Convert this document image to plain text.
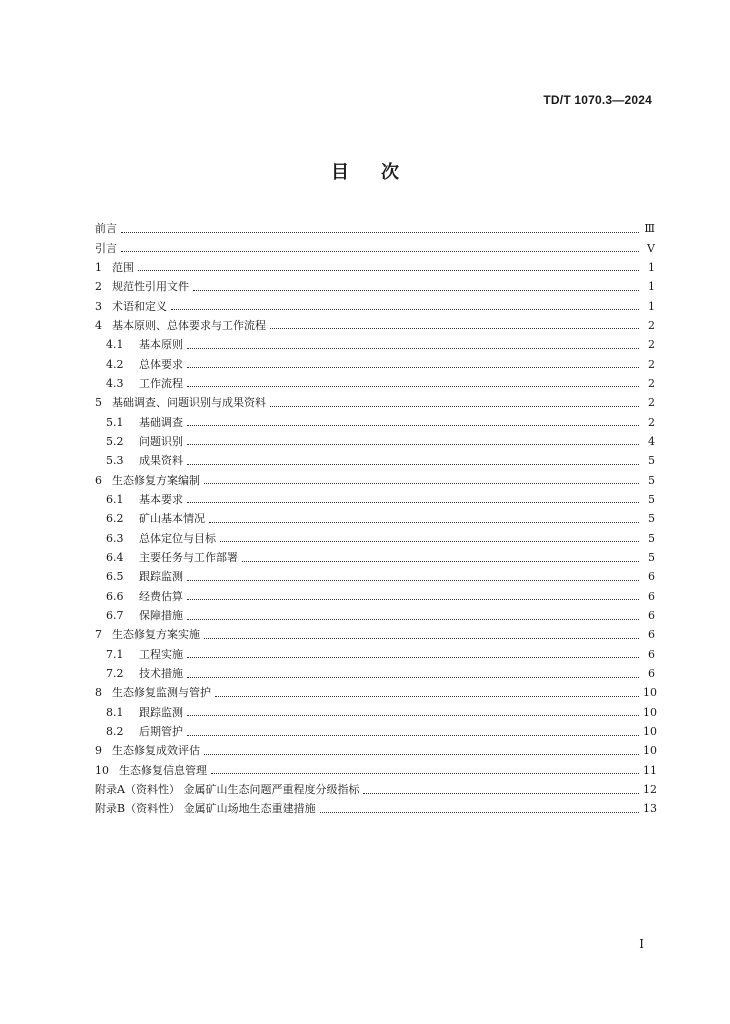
TD/T 1070.3—2024
目 次
​
前言	Ⅲ
引言	Ⅴ
1 范围	1
2 规范性引用文件	1
3 术语和定义	1
4 基本原则、总体要求与工作流程	2
4.1	基本原则	2
4.2	总体要求	2
4.3	工作流程	2
5 基础调查、问题识别与成果资料	2
5.1	基础调查	2
5.2	问题识别	4
5.3	成果资料	5
6 生态修复方案编制	5
6.1	基本要求	5
6.2	矿山基本情况	5
6.3	总体定位与目标	5
6.4	主要任务与工作部署	5
6.5	跟踪监测	6
6.6	经费估算	6
6.7	保障措施	6
7 生态修复方案实施	6
7.1	工程实施	6
7.2	技术措施	6
8 生态修复监测与管护	10
8.1	跟踪监测	10
8.2	后期管护	10
9 生态修复成效评估	10
10 生态修复信息管理	11
附录A（资料性） 金属矿山生态问题严重程度分级指标	12
附录B（资料性） 金属矿山场地生态重建措施	13
I
